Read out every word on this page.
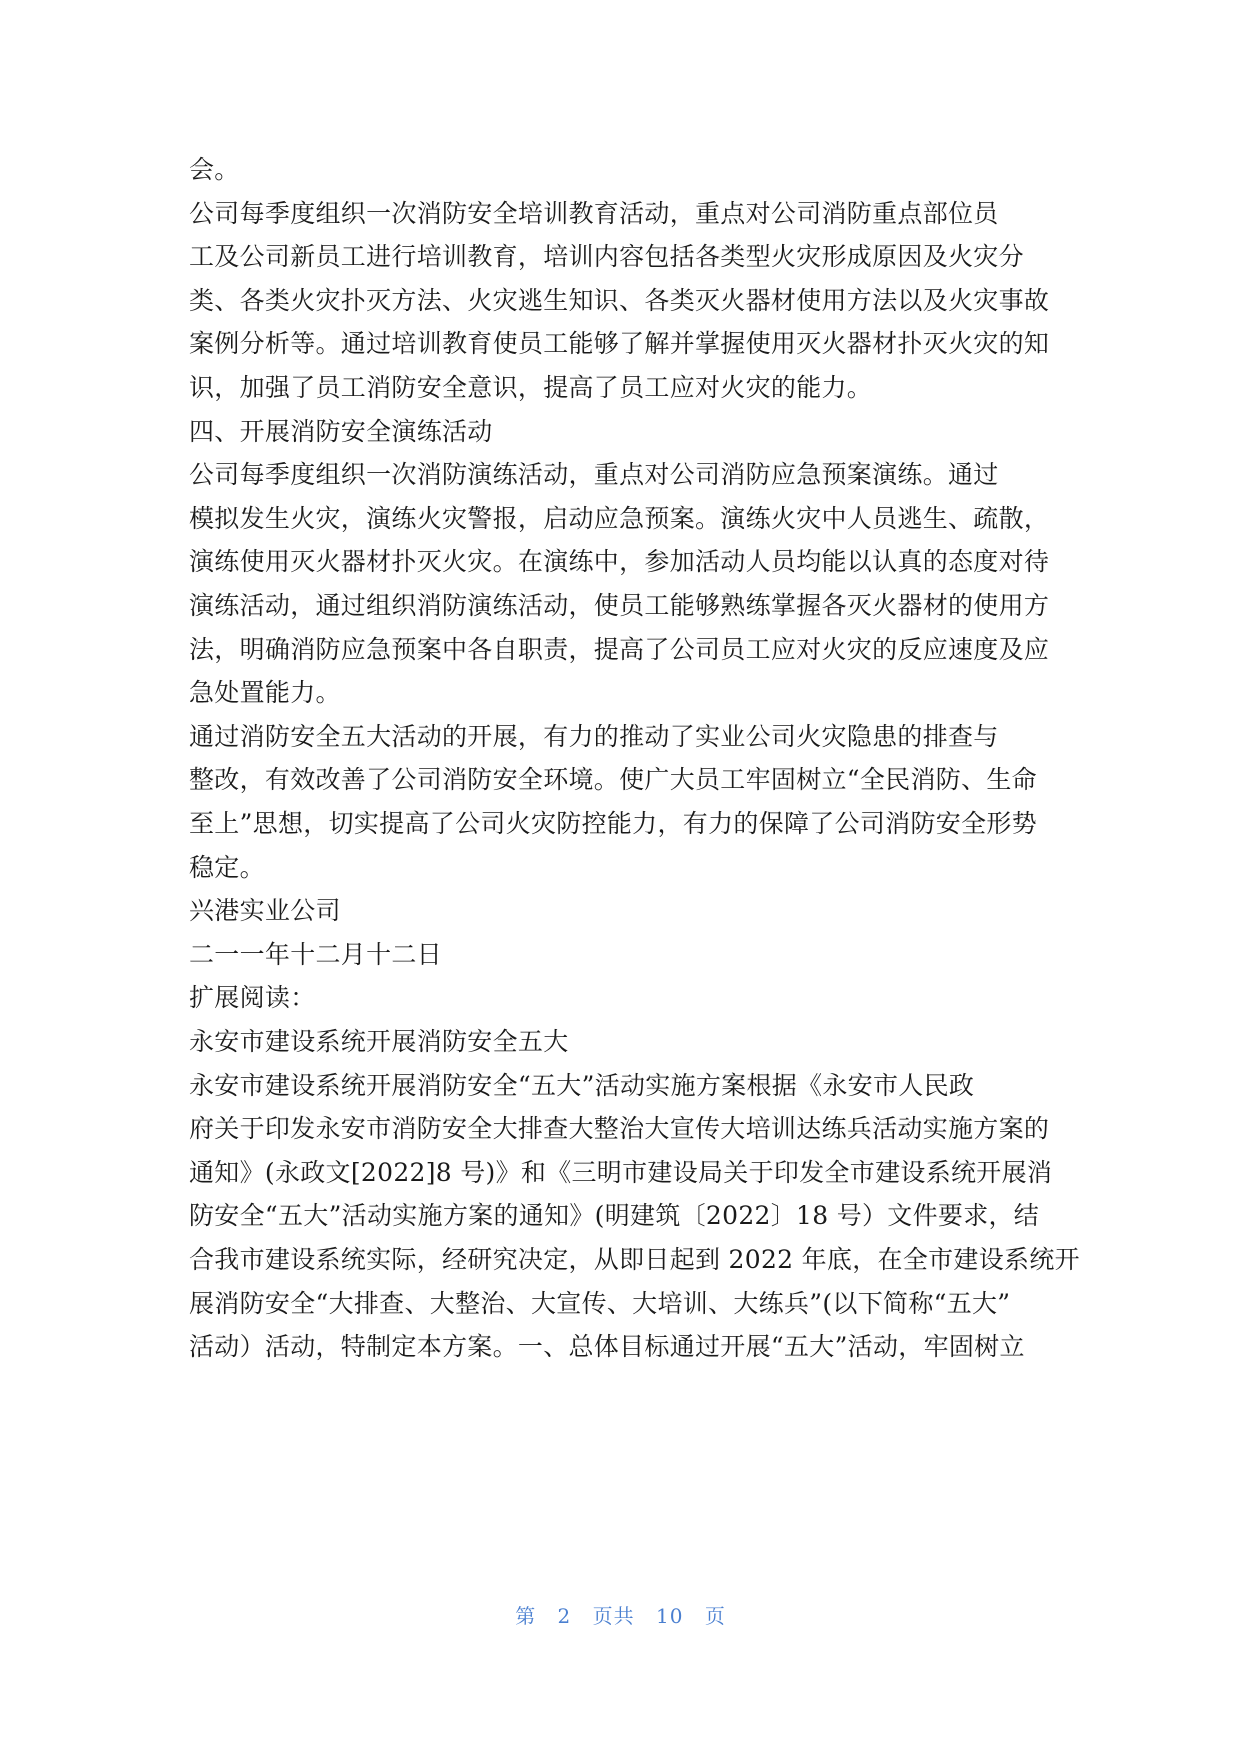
会。
公司每季度组织一次消防安全培训教育活动，重点对公司消防重点部位员
工及公司新员工进行培训教育，培训内容包括各类型火灾形成原因及火灾分
类、各类火灾扑灭方法、火灾逃生知识、各类灭火器材使用方法以及火灾事故
案例分析等。通过培训教育使员工能够了解并掌握使用灭火器材扑灭火灾的知
识，加强了员工消防安全意识，提高了员工应对火灾的能力。
四、开展消防安全演练活动
公司每季度组织一次消防演练活动，重点对公司消防应急预案演练。通过
模拟发生火灾，演练火灾警报，启动应急预案。演练火灾中人员逃生、疏散，
演练使用灭火器材扑灭火灾。在演练中，参加活动人员均能以认真的态度对待
演练活动，通过组织消防演练活动，使员工能够熟练掌握各灭火器材的使用方
法，明确消防应急预案中各自职责，提高了公司员工应对火灾的反应速度及应
急处置能力。
通过消防安全五大活动的开展，有力的推动了实业公司火灾隐患的排查与
整改，有效改善了公司消防安全环境。使广大员工牢固树立“全民消防、生命
至上”思想，切实提高了公司火灾防控能力，有力的保障了公司消防安全形势
稳定。
兴港实业公司
二一一年十二月十二日
扩展阅读：
永安市建设系统开展消防安全五大
永安市建设系统开展消防安全“五大”活动实施方案根据《永安市人民政
府关于印发永安市消防安全大排查大整治大宣传大培训达练兵活动实施方案的
通知》(永政文[2022]8 号)》和《三明市建设局关于印发全市建设系统开展消
防安全“五大”活动实施方案的通知》(明建筑〔2022〕18 号）文件要求，结
合我市建设系统实际，经研究决定，从即日起到 2022 年底，在全市建设系统开
展消防安全“大排查、大整治、大宣传、大培训、大练兵”(以下简称“五大”
活动）活动，特制定本方案。一、总体目标通过开展“五大”活动，牢固树立
第 2 页共 10 页
